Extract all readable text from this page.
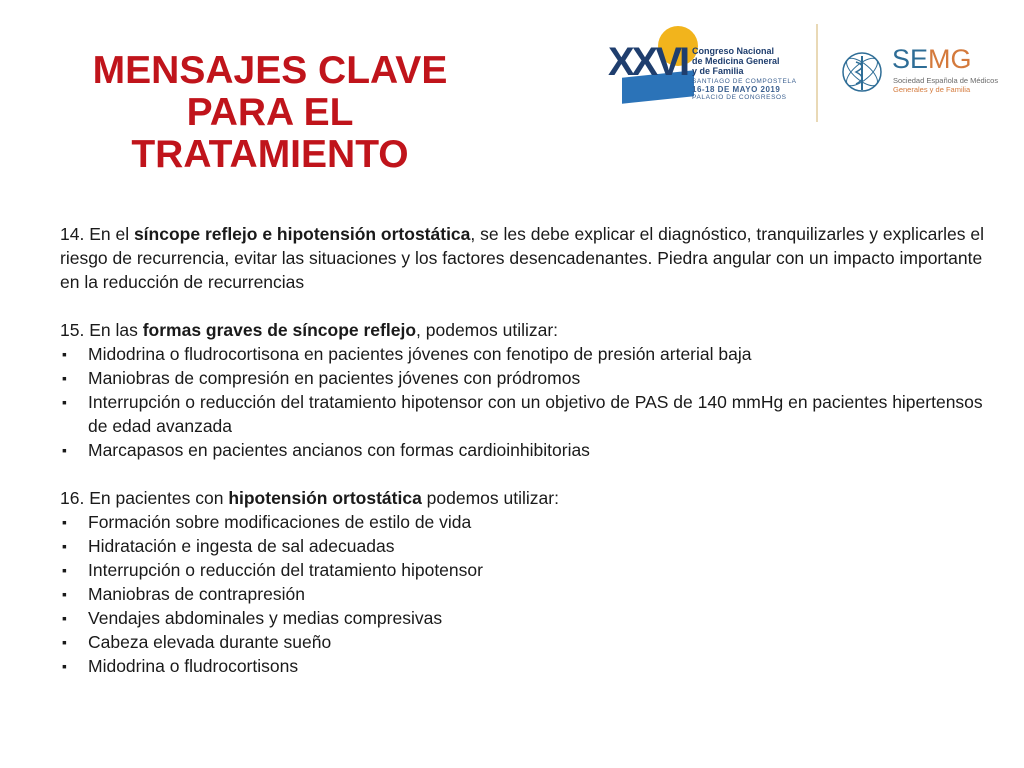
MENSAJES CLAVE
PARA EL
TRATAMIENTO
XXVI Congreso Nacional
de Medicina General
y de Familia
SANTIAGO DE COMPOSTELA
16-18 DE MAYO 2019
PALACIO DE CONGRESOS
SEMG
Sociedad Española de Médicos
Generales y de Familia

14. En el síncope reflejo e hipotensión ortostática, se les debe explicar el diagnóstico, tranquilizarles y explicarles el riesgo de recurrencia, evitar las situaciones y los factores desencadenantes. Piedra angular con un impacto importante en la reducción de recurrencias

15. En las formas graves de síncope reflejo, podemos utilizar:

▪ Midodrina o fludrocortisona en pacientes jóvenes con fenotipo de presión arterial baja

▪ Maniobras de compresión en pacientes jóvenes con pródromos

▪ Interrupción o reducción del tratamiento hipotensor con un objetivo de PAS de 140 mmHg en pacientes hipertensos de edad avanzada

▪ Marcapasos en pacientes ancianos con formas cardioinhibitorias

16. En pacientes con hipotensión ortostática podemos utilizar:

▪ Formación sobre modificaciones de estilo de vida

▪ Hidratación e ingesta de sal adecuadas

▪ Interrupción o reducción del tratamiento hipotensor

▪ Maniobras de contrapresión

▪ Vendajes abdominales y medias compresivas

▪ Cabeza elevada durante sueño

▪ Midodrina o fludrocortisons
